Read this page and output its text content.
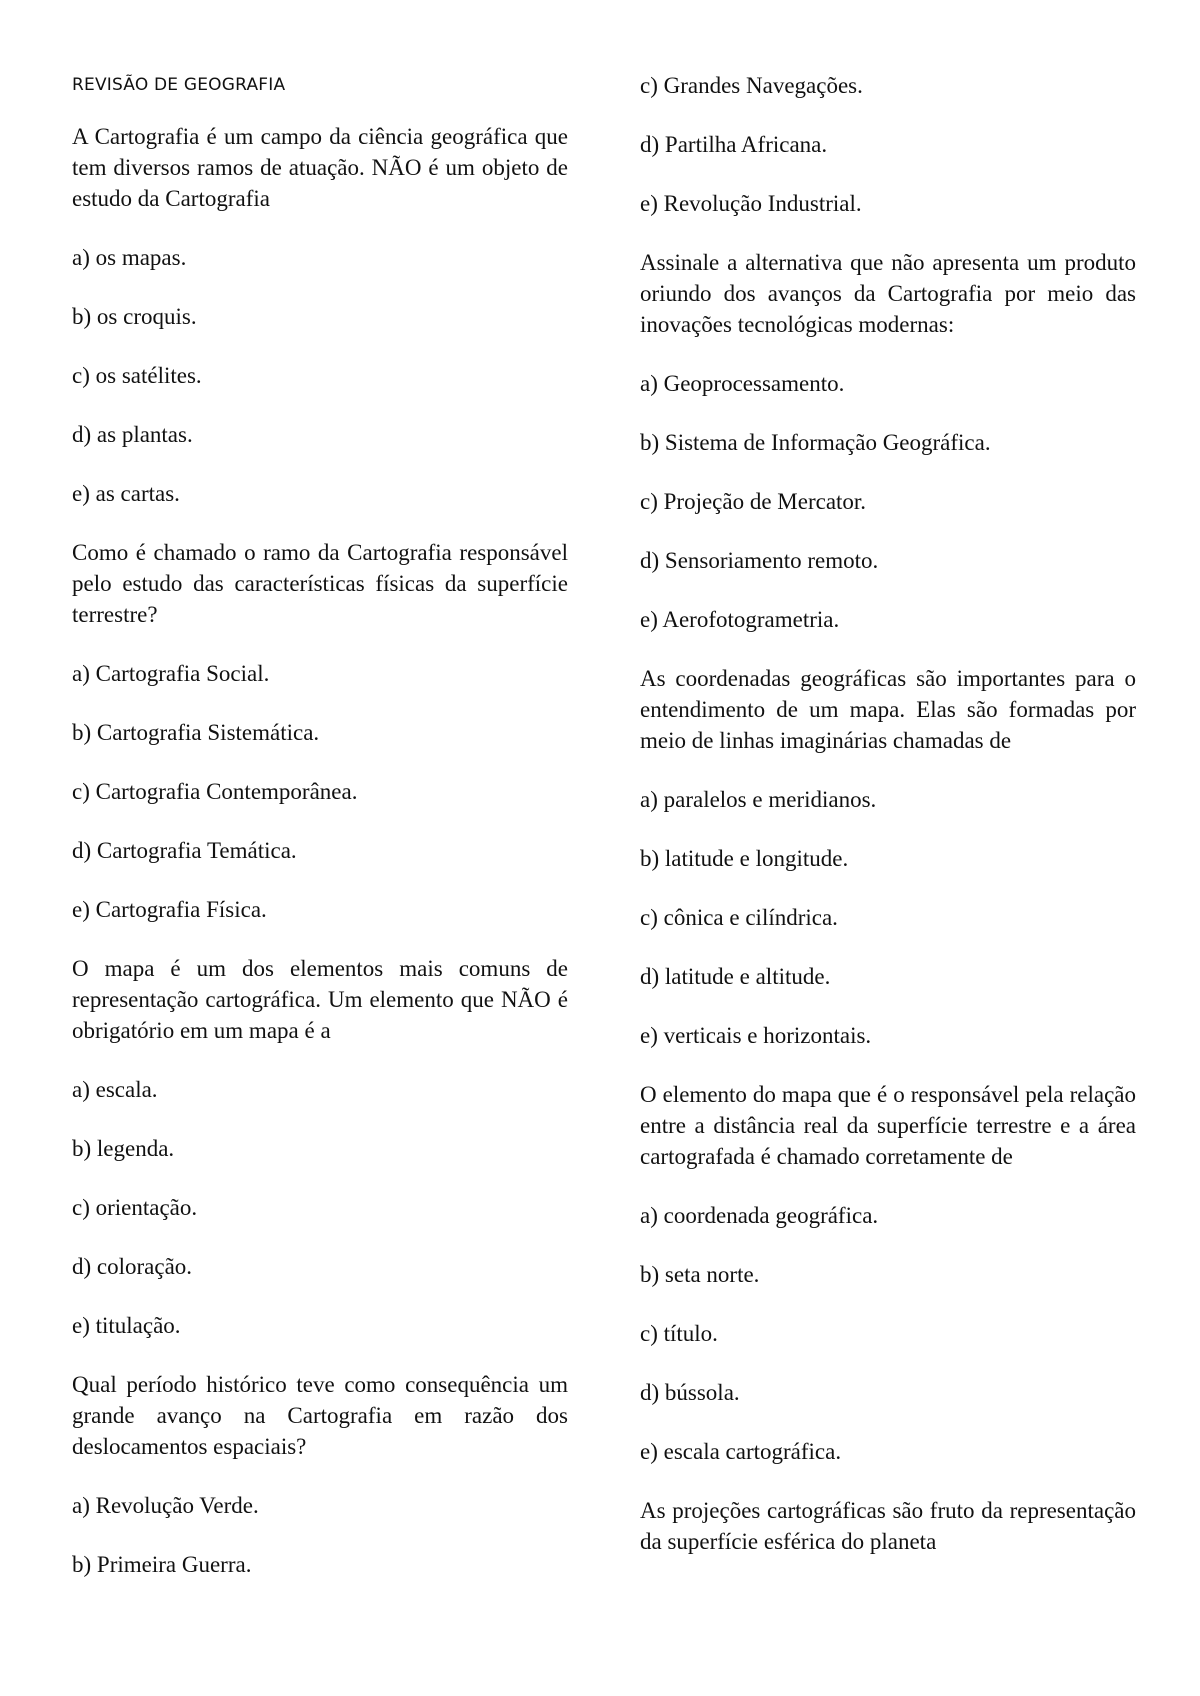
REVISÃO DE GEOGRAFIA
A Cartografia é um campo da ciência geográfica que tem diversos ramos de atuação. NÃO é um objeto de estudo da Cartografia
a) os mapas.
b) os croquis.
c) os satélites.
d) as plantas.
e) as cartas.
Como é chamado o ramo da Cartografia responsável pelo estudo das características físicas da superfície terrestre?
a) Cartografia Social.
b) Cartografia Sistemática.
c) Cartografia Contemporânea.
d) Cartografia Temática.
e) Cartografia Física.
O mapa é um dos elementos mais comuns de representação cartográfica. Um elemento que NÃO é obrigatório em um mapa é a
a) escala.
b) legenda.
c) orientação.
d) coloração.
e) titulação.
Qual período histórico teve como consequência um grande avanço na Cartografia em razão dos deslocamentos espaciais?
a) Revolução Verde.
b) Primeira Guerra.
c) Grandes Navegações.
d) Partilha Africana.
e) Revolução Industrial.
Assinale a alternativa que não apresenta um produto oriundo dos avanços da Cartografia por meio das inovações tecnológicas modernas:
a) Geoprocessamento.
b) Sistema de Informação Geográfica.
c) Projeção de Mercator.
d) Sensoriamento remoto.
e) Aerofotogrametria.
As coordenadas geográficas são importantes para o entendimento de um mapa. Elas são formadas por meio de linhas imaginárias chamadas de
a) paralelos e meridianos.
b) latitude e longitude.
c) cônica e cilíndrica.
d) latitude e altitude.
e) verticais e horizontais.
O elemento do mapa que é o responsável pela relação entre a distância real da superfície terrestre e a área cartografada é chamado corretamente de
a) coordenada geográfica.
b) seta norte.
c) título.
d) bússola.
e) escala cartográfica.
As projeções cartográficas são fruto da representação da superfície esférica do planeta
